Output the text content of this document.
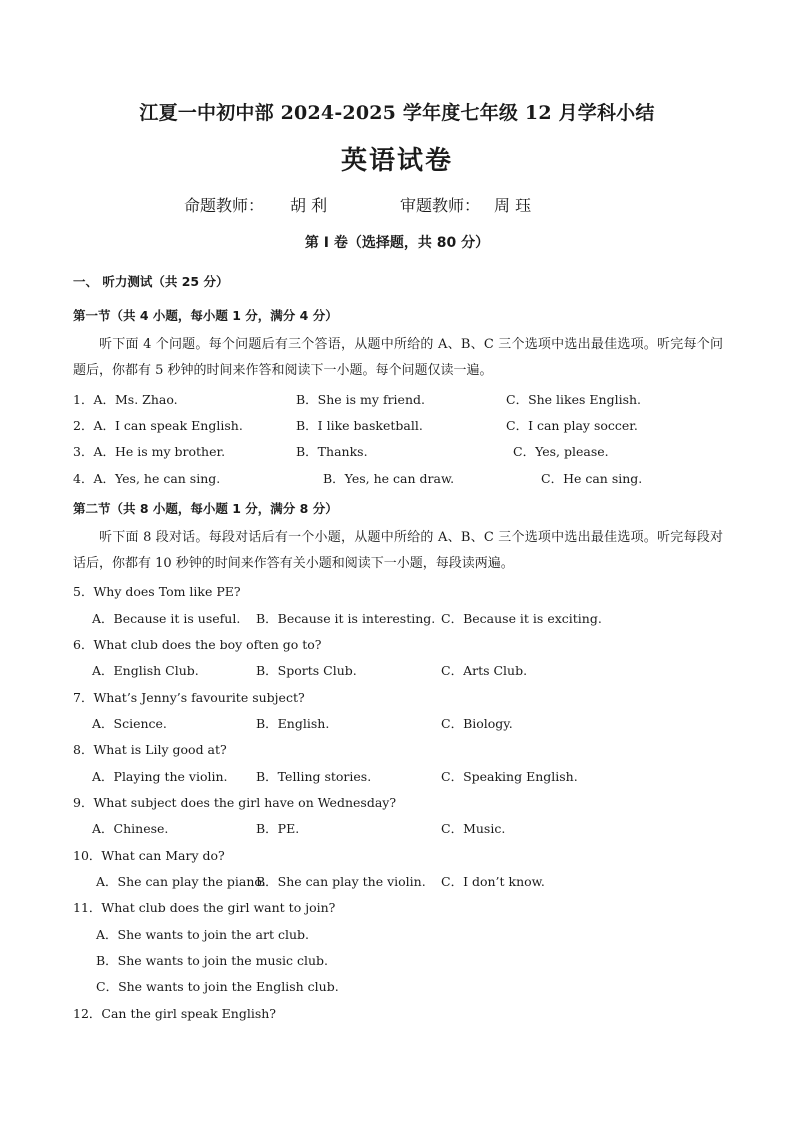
江夏一中初中部 2024-2025 学年度七年级 12 月学科小结
英语试卷
命题教师： 胡 利	审题教师： 周 珏
第 I 卷（选择题，共 80 分）
一、 听力测试（共 25 分）
第一节（共 4 小题，每小题 1 分，满分 4 分）
听下面 4 个问题。每个问题后有三个答语，从题中所给的 A、B、C 三个选项中选出最佳选项。听完每个问题后，你都有 5 秒钟的时间来作答和阅读下一小题。每个问题仅读一遍。
1．A．Ms. Zhao.	B．She is my friend.	C．She likes English.
2．A．I can speak English.	B．I like basketball.	C．I can play soccer.
3．A．He is my brother.	B．Thanks.	C．Yes, please.
4．A．Yes, he can sing.	B．Yes, he can draw.	C．He can sing.
第二节（共 8 小题，每小题 1 分，满分 8 分）
听下面 8 段对话。每段对话后有一个小题，从题中所给的 A、B、C 三个选项中选出最佳选项。听完每段对话后，你都有 10 秒钟的时间来作答有关小题和阅读下一小题，每段读两遍。
5．Why does Tom like PE?
A．Because it is useful. B．Because it is interesting. C．Because it is exciting.
6．What club does the boy often go to?
A．English Club.	B．Sports Club.	C．Arts Club.
7．What’s Jenny’s favourite subject?
A．Science.	B．English.	C．Biology.
8．What is Lily good at?
A．Playing the violin. B．Telling stories.	C．Speaking English.
9．What subject does the girl have on Wednesday?
A．Chinese.	B．PE.	C．Music.
10．What can Mary do?
A．She can play the piano.
B．She can play the violin. C．I don’t know.
11．What club does the girl want to join?
A．She wants to join the art club.
B．She wants to join the music club.
C．She wants to join the English club.
12．Can the girl speak English?
